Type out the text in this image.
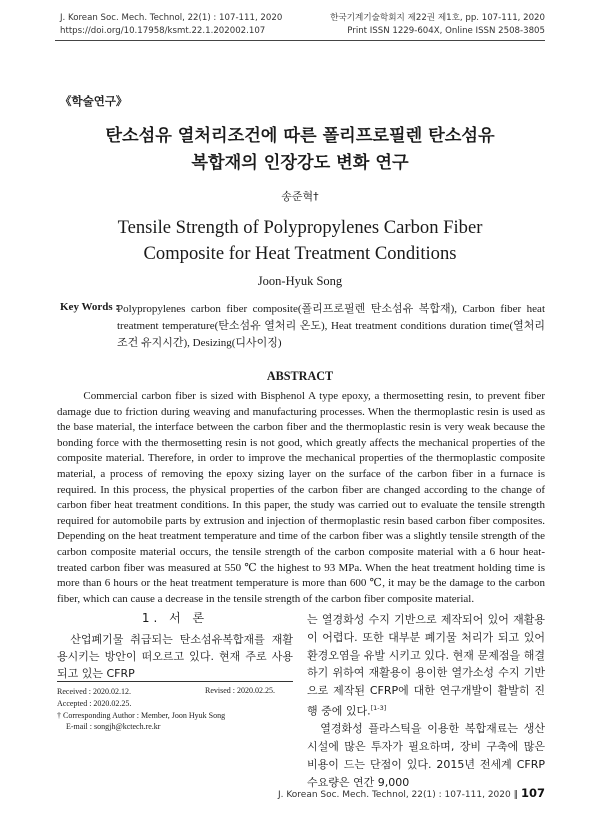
J. Korean Soc. Mech. Technol, 22(1) : 107-111, 2020
https://doi.org/10.17958/ksmt.22.1.202002.107
한국기계기술학회지 제22권 제1호, pp. 107-111, 2020
Print ISSN 1229-604X, Online ISSN 2508-3805
《학술연구》
탄소섬유 열처리조건에 따른 폴리프로필렌 탄소섬유
복합재의 인장강도 변화 연구
송준혁†
Tensile Strength of Polypropylenes Carbon Fiber
Composite for Heat Treatment Conditions
Joon-Hyuk Song
Key Words :
Polypropylenes carbon fiber composite(폴리프로필렌 탄소섬유 복합재), Carbon fiber heat treatment temperature(탄소섬유 열처리 온도), Heat treatment conditions duration time(열처리조건 유지시간), Desizing(디사이징)
ABSTRACT

Commercial carbon fiber is sized with Bisphenol A type epoxy, a thermosetting resin, to prevent fiber damage due to friction during weaving and manufacturing processes. When the thermoplastic resin is used as the base material, the interface between the carbon fiber and the thermoplastic resin is very weak because the bonding force with the thermosetting resin is not good, which greatly affects the mechanical properties of the composite material. Therefore, in order to improve the mechanical properties of the thermoplastic composite material, a process of removing the epoxy sizing layer on the surface of the carbon fiber in a furnace is required. In this process, the physical properties of the carbon fiber are changed according to the change of carbon fiber heat treatment conditions. In this paper, the study was carried out to evaluate the tensile strength required for automobile parts by extrusion and injection of thermoplastic resin based carbon fiber composites. Depending on the heat treatment temperature and time of the carbon fiber was a slightly tensile strength of the carbon composite material occurs, the tensile strength of the carbon composite material with a 6 hour heat-treated carbon fiber was measured at 550 ℃ the highest to 93 MPa. When the heat treatment holding time is more than 6 hours or the heat treatment temperature is more than 600 ℃, it may be the damage to the carbon fiber, which can cause a decrease in the tensile strength of the carbon fiber composite material.

1. 서 론

산업폐기물 취급되는 탄소섬유복합재를 재활용시키는 방안이 떠오르고 있다. 현재 주로 사용되고 있는 CFRP

Received : 2020.02.12.	Revised : 2020.02.25.
Accepted : 2020.02.25.
† Corresponding Author : Member, Joon Hyuk Song
E-mail : songjh@kctech.re.kr

는 열경화성 수지 기반으로 제작되어 있어 재활용이 어렵다. 또한 대부분 폐기물 처리가 되고 있어 환경오염을 유발 시키고 있다. 현재 문제점을 해결하기 위하여 재활용이 용이한 열가소성 수지 기반으로 제작된 CFRP에 대한 연구개발이 활발히 진행 중에 있다.[1-3]

열경화성 플라스틱을 이용한 복합재료는 생산 시설에 많은 투자가 필요하며, 장비 구축에 많은 비용이 드는 단점이 있다. 2015년 전세계 CFRP 수요량은 연간 9,000

J. Korean Soc. Mech. Technol, 22(1) : 107-111, 2020 ‖ 107
